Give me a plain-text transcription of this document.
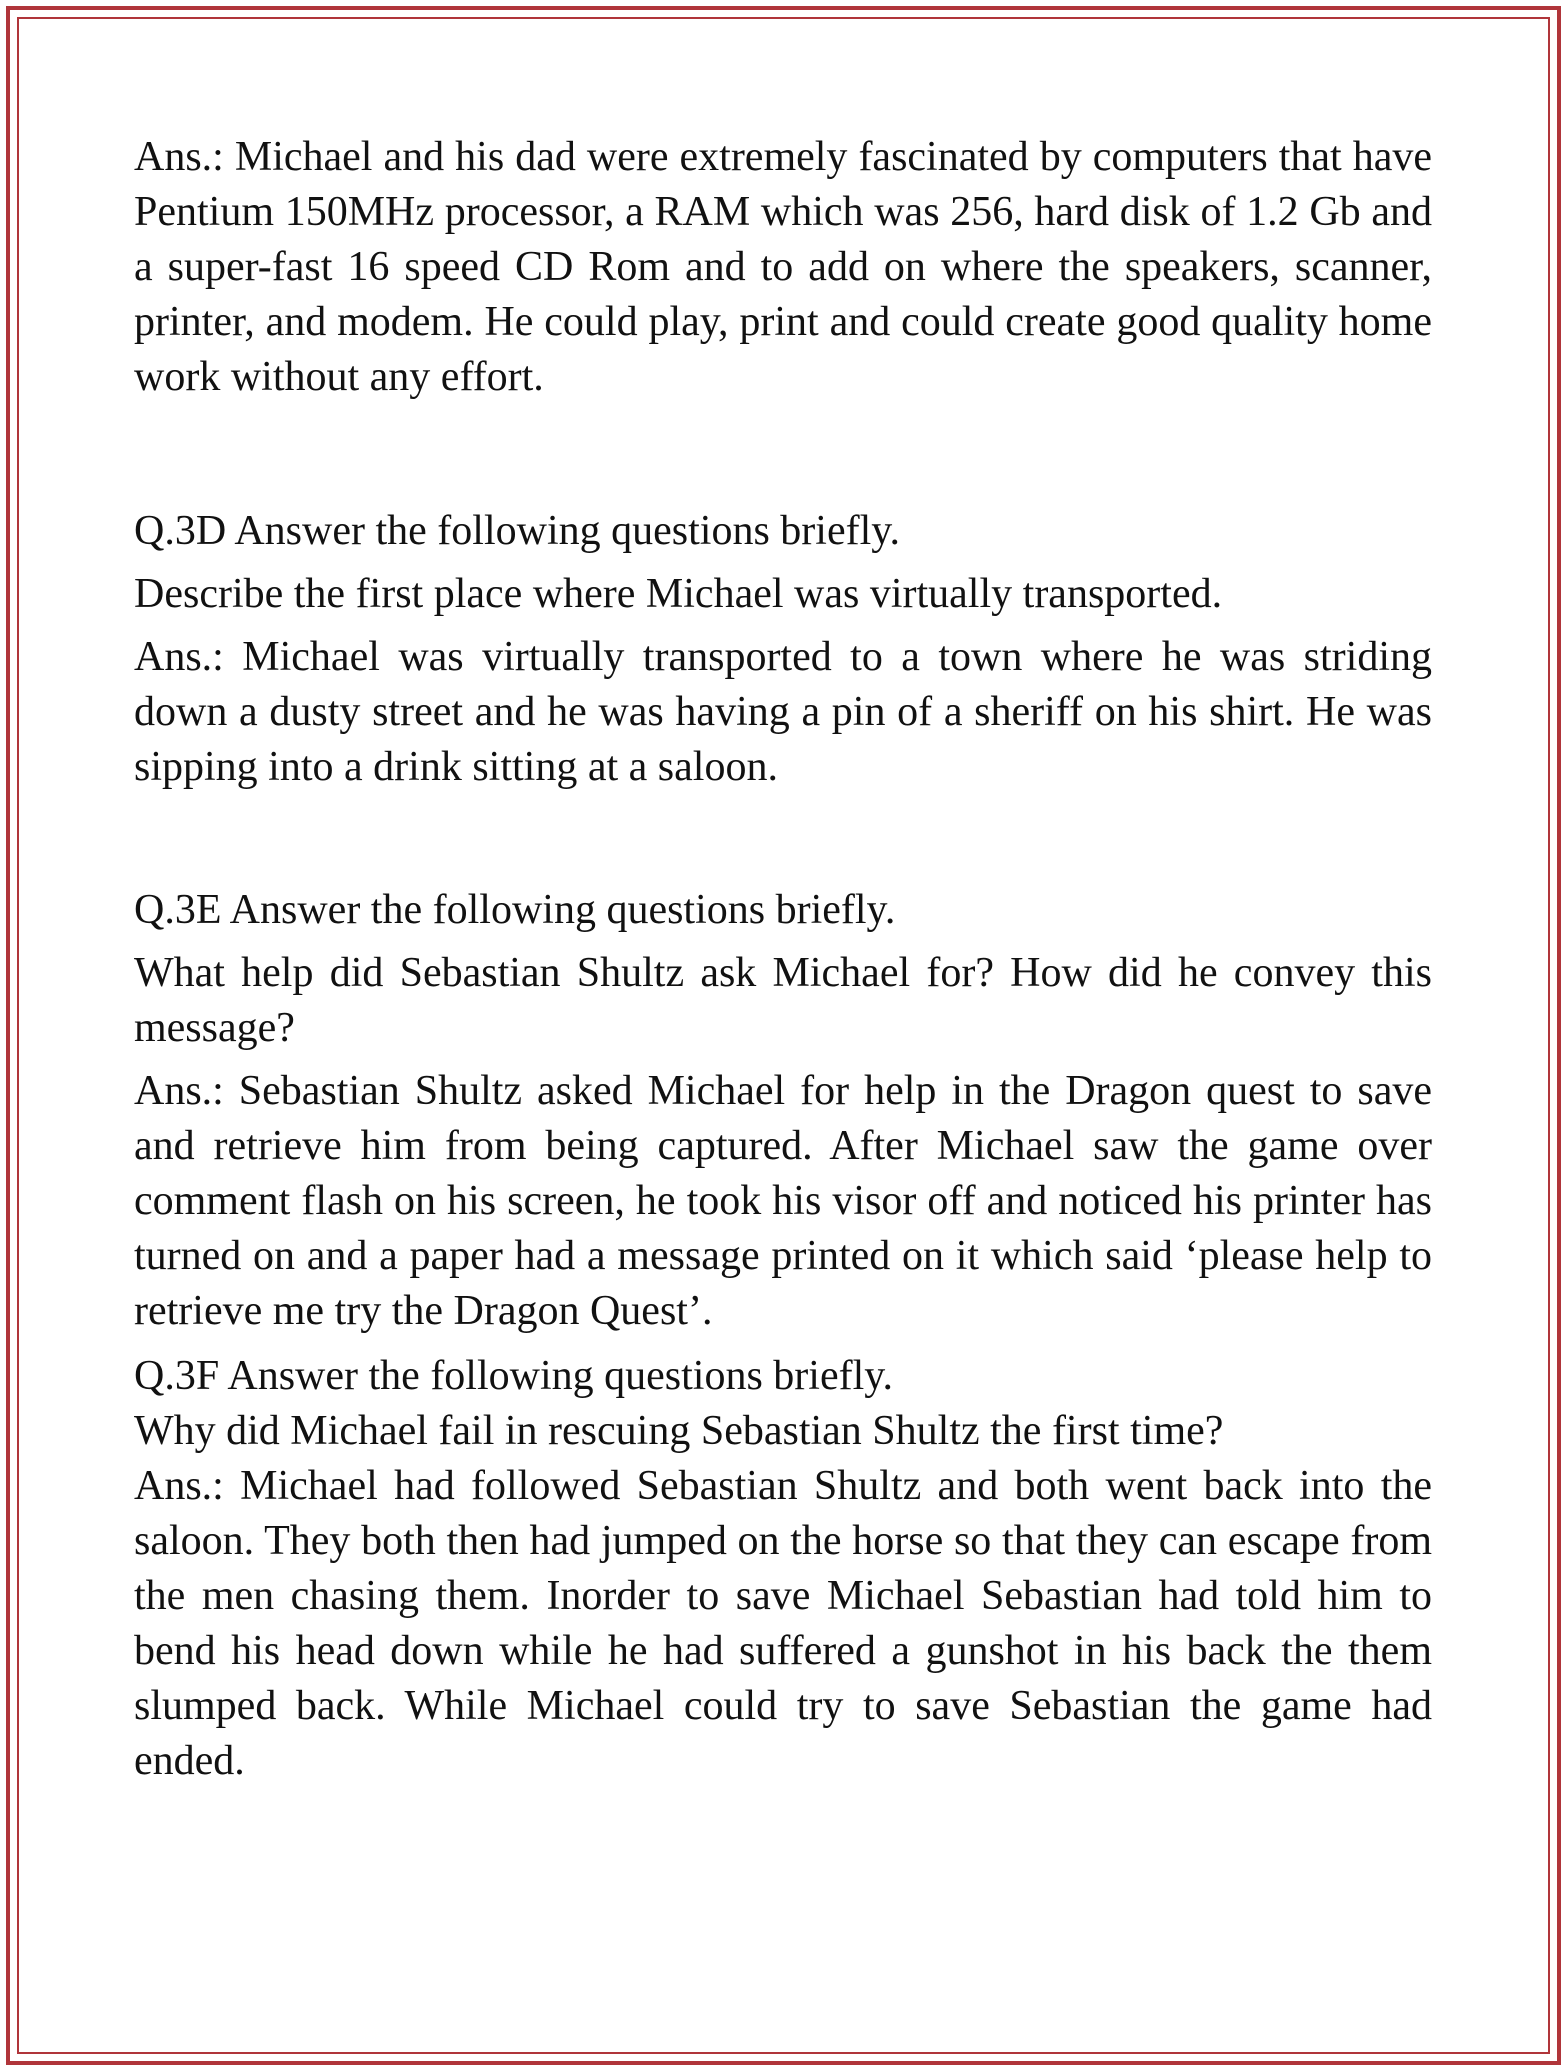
Ans.: Michael and his dad were extremely fascinated by computers that have Pentium 150MHz processor, a RAM which was 256, hard disk of 1.2 Gb and a super-fast 16 speed CD Rom and to add on where the speakers, scanner, printer, and modem. He could play, print and could create good quality home work without any effort.

Q.3D Answer the following questions briefly.

Describe the first place where Michael was virtually transported.

Ans.: Michael was virtually transported to a town where he was striding down a dusty street and he was having a pin of a sheriff on his shirt. He was sipping into a drink sitting at a saloon.

Q.3E Answer the following questions briefly.

What help did Sebastian Shultz ask Michael for? How did he convey this message?

Ans.: Sebastian Shultz asked Michael for help in the Dragon quest to save and retrieve him from being captured. After Michael saw the game over comment flash on his screen, he took his visor off and noticed his printer has turned on and a paper had a message printed on it which said ‘please help to retrieve me try the Dragon Quest’.

Q.3F Answer the following questions briefly.

Why did Michael fail in rescuing Sebastian Shultz the first time?

Ans.: Michael had followed Sebastian Shultz and both went back into the saloon. They both then had jumped on the horse so that they can escape from the men chasing them. Inorder to save Michael Sebastian had told him to bend his head down while he had suffered a gunshot in his back the them slumped back. While Michael could try to save Sebastian the game had ended.
